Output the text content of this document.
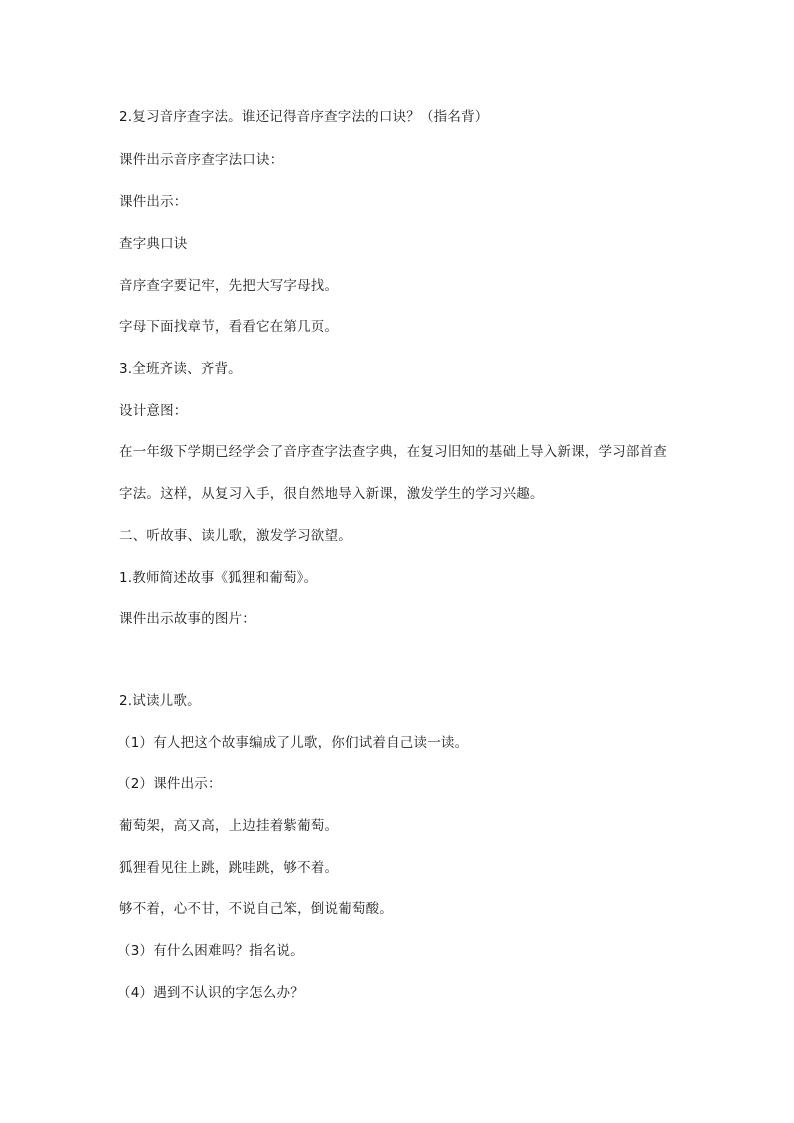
2.复习音序查字法。谁还记得音序查字法的口诀？（指名背）
课件出示音序查字法口诀：
课件出示：
查字典口诀
音序查字要记牢，先把大写字母找。
字母下面找章节，看看它在第几页。
3.全班齐读、齐背。
设计意图：
在一年级下学期已经学会了音序查字法查字典，在复习旧知的基础上导入新课，学习部首查
字法。这样，从复习入手，很自然地导入新课，激发学生的学习兴趣。
二、听故事、读儿歌，激发学习欲望。
1.教师简述故事《狐狸和葡萄》。
课件出示故事的图片：
2.试读儿歌。
（1）有人把这个故事编成了儿歌，你们试着自己读一读。
（2）课件出示：
葡萄架，高又高，上边挂着紫葡萄。
狐狸看见往上跳，跳哇跳，够不着。
够不着，心不甘，不说自己笨，倒说葡萄酸。
（3）有什么困难吗？指名说。
（4）遇到不认识的字怎么办？
